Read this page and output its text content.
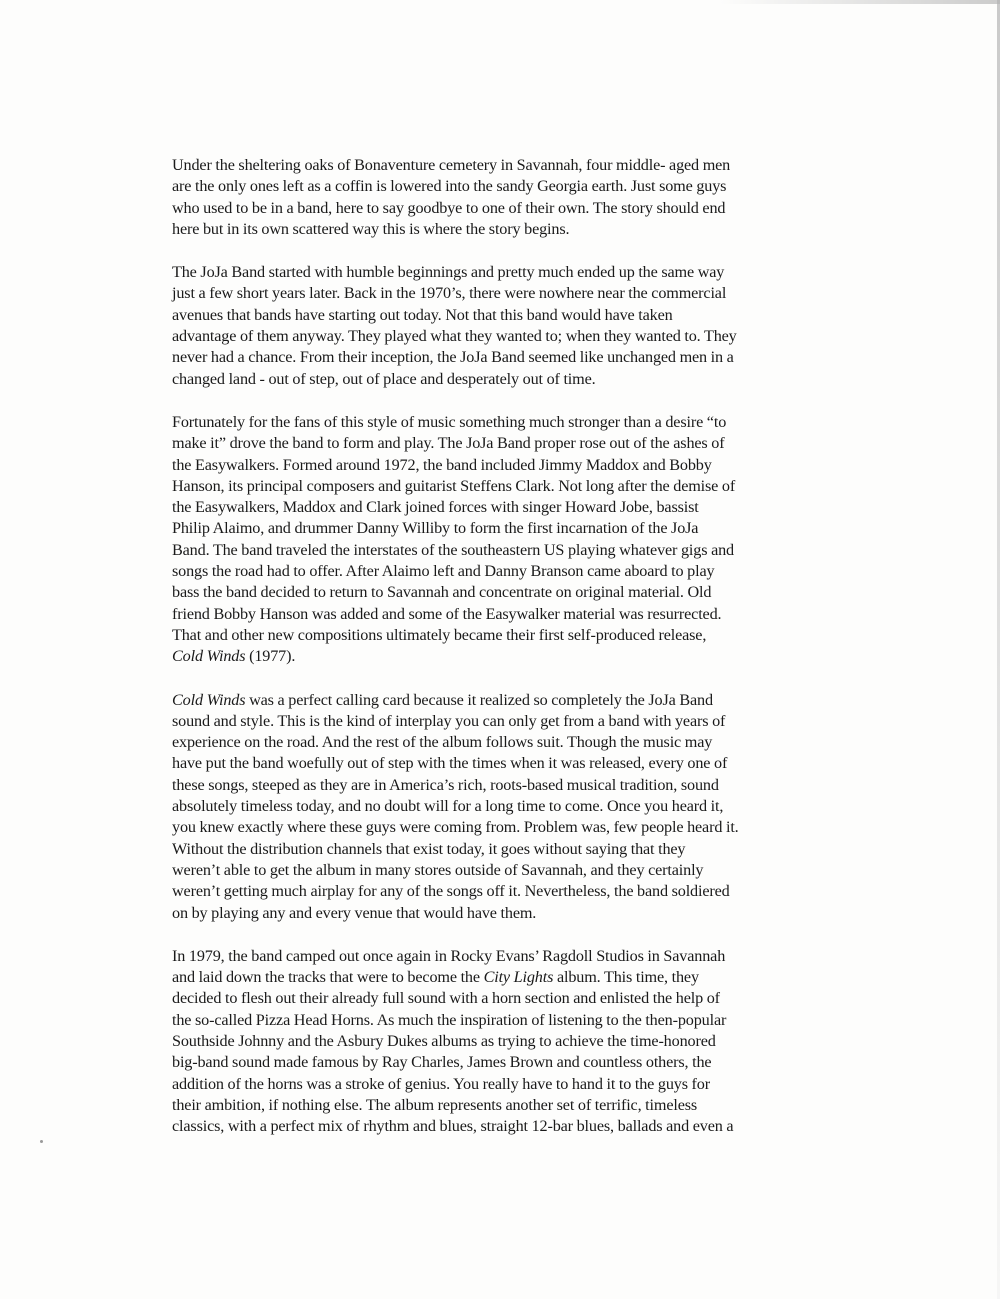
Under the sheltering oaks of Bonaventure cemetery in Savannah, four middle- aged men
are the only ones left as a coffin is lowered into the sandy Georgia earth. Just some guys
who used to be in a band, here to say goodbye to one of their own. The story should end
here but in its own scattered way this is where the story begins.

The JoJa Band started with humble beginnings and pretty much ended up the same way
just a few short years later. Back in the 1970’s, there were nowhere near the commercial
avenues that bands have starting out today. Not that this band would have taken
advantage of them anyway. They played what they wanted to; when they wanted to. They
never had a chance. From their inception, the JoJa Band seemed like unchanged men in a
changed land - out of step, out of place and desperately out of time.

Fortunately for the fans of this style of music something much stronger than a desire “to
make it” drove the band to form and play. The JoJa Band proper rose out of the ashes of
the Easywalkers. Formed around 1972, the band included Jimmy Maddox and Bobby
Hanson, its principal composers and guitarist Steffens Clark. Not long after the demise of
the Easywalkers, Maddox and Clark joined forces with singer Howard Jobe, bassist
Philip Alaimo, and drummer Danny Williby to form the first incarnation of the JoJa
Band. The band traveled the interstates of the southeastern US playing whatever gigs and
songs the road had to offer. After Alaimo left and Danny Branson came aboard to play
bass the band decided to return to Savannah and concentrate on original material. Old
friend Bobby Hanson was added and some of the Easywalker material was resurrected.
That and other new compositions ultimately became their first self-produced release,
Cold Winds (1977).

Cold Winds was a perfect calling card because it realized so completely the JoJa Band
sound and style. This is the kind of interplay you can only get from a band with years of
experience on the road. And the rest of the album follows suit. Though the music may
have put the band woefully out of step with the times when it was released, every one of
these songs, steeped as they are in America’s rich, roots-based musical tradition, sound
absolutely timeless today, and no doubt will for a long time to come. Once you heard it,
you knew exactly where these guys were coming from. Problem was, few people heard it.
Without the distribution channels that exist today, it goes without saying that they
weren’t able to get the album in many stores outside of Savannah, and they certainly
weren’t getting much airplay for any of the songs off it. Nevertheless, the band soldiered
on by playing any and every venue that would have them.

In 1979, the band camped out once again in Rocky Evans’ Ragdoll Studios in Savannah
and laid down the tracks that were to become the City Lights album. This time, they
decided to flesh out their already full sound with a horn section and enlisted the help of
the so-called Pizza Head Horns. As much the inspiration of listening to the then-popular
Southside Johnny and the Asbury Dukes albums as trying to achieve the time-honored
big-band sound made famous by Ray Charles, James Brown and countless others, the
addition of the horns was a stroke of genius. You really have to hand it to the guys for
their ambition, if nothing else. The album represents another set of terrific, timeless
classics, with a perfect mix of rhythm and blues, straight 12-bar blues, ballads and even a
